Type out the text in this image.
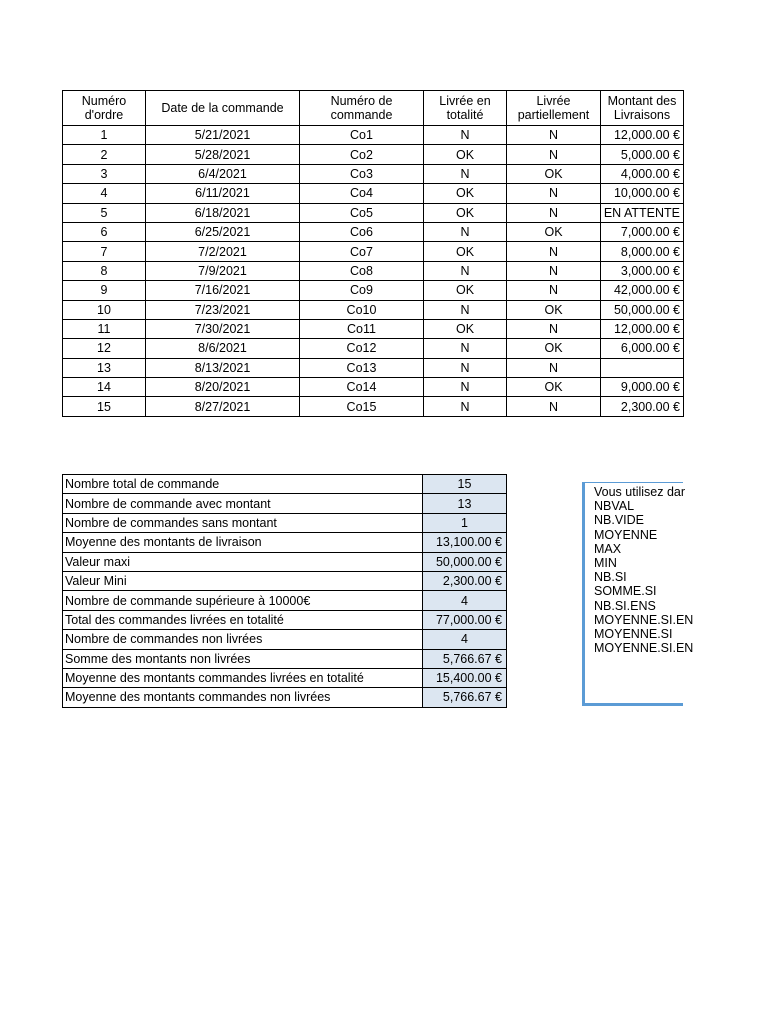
Numéro d'ordre	Date de la commande	Numéro de commande	Livrée en totalité	Livrée partiellement	Montant des Livraisons
1	5/21/2021	Co1	N	N	12,000.00 €
2	5/28/2021	Co2	OK	N	5,000.00 €
3	6/4/2021	Co3	N	OK	4,000.00 €
4	6/11/2021	Co4	OK	N	10,000.00 €
5	6/18/2021	Co5	OK	N	EN ATTENTE
6	6/25/2021	Co6	N	OK	7,000.00 €
7	7/2/2021	Co7	OK	N	8,000.00 €
8	7/9/2021	Co8	N	N	3,000.00 €
9	7/16/2021	Co9	OK	N	42,000.00 €
10	7/23/2021	Co10	N	OK	50,000.00 €
11	7/30/2021	Co11	OK	N	12,000.00 €
12	8/6/2021	Co12	N	OK	6,000.00 €
13	8/13/2021	Co13	N	N	
14	8/20/2021	Co14	N	OK	9,000.00 €
15	8/27/2021	Co15	N	N	2,300.00 €
Nombre total de commande	15
Nombre de commande avec montant	13
Nombre de commandes sans montant	1
Moyenne des montants de livraison	13,100.00 €
Valeur maxi	50,000.00 €
Valeur Mini	2,300.00 €
Nombre de commande supérieure à 10000€	4
Total des commandes livrées en totalité	77,000.00 €
Nombre de commandes non livrées	4
Somme des montants non livrées	5,766.67 €
Moyenne des montants commandes livrées en totalité	15,400.00 €
Moyenne des montants commandes non livrées	5,766.67 €
Vous utilisez dar
NBVAL
NB.VIDE
MOYENNE
MAX
MIN
NB.SI
SOMME.SI
NB.SI.ENS
MOYENNE.SI.EN
MOYENNE.SI
MOYENNE.SI.EN
